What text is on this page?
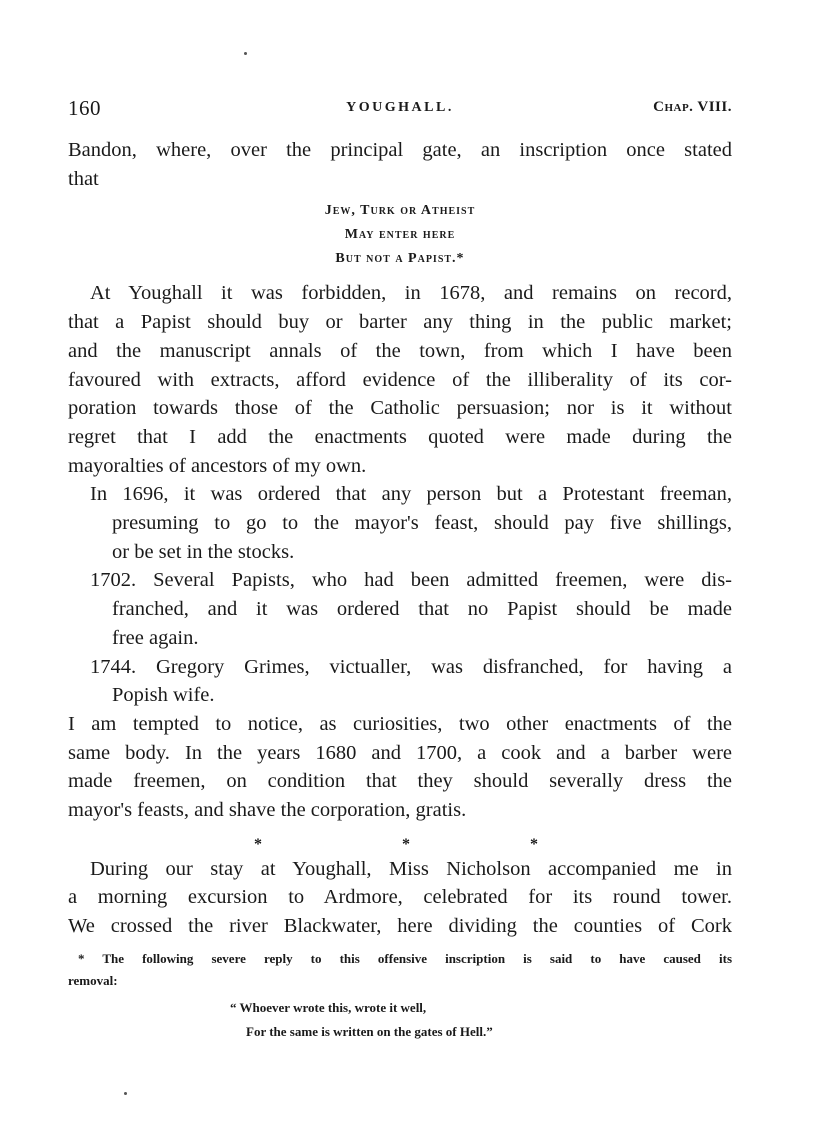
160	YOUGHALL.	Chap. VIII.
Bandon, where, over the principal gate, an inscription once stated
that
Jew, Turk or Atheist
May enter here
But not a Papist.*
At Youghall it was forbidden, in 1678, and remains on record,
that a Papist should buy or barter any thing in the public market;
and the manuscript annals of the town, from which I have been
favoured with extracts, afford evidence of the illiberality of its cor-
poration towards those of the Catholic persuasion; nor is it without
regret that I add the enactments quoted were made during the
mayoralties of ancestors of my own.
In 1696, it was ordered that any person but a Protestant freeman,
presuming to go to the mayor's feast, should pay five shillings,
or be set in the stocks.
1702. Several Papists, who had been admitted freemen, were dis-
franched, and it was ordered that no Papist should be made
free again.
1744. Gregory Grimes, victualler, was disfranched, for having a
Popish wife.
I am tempted to notice, as curiosities, two other enactments of the
same body. In the years 1680 and 1700, a cook and a barber were
made freemen, on condition that they should severally dress the
mayor's feasts, and shave the corporation, gratis.
*	*	*
During our stay at Youghall, Miss Nicholson accompanied me in
a morning excursion to Ardmore, celebrated for its round tower.
We crossed the river Blackwater, here dividing the counties of Cork
* The following severe reply to this offensive inscription is said to have caused its
removal:
“ Whoever wrote this, wrote it well,
For the same is written on the gates of Hell.”
